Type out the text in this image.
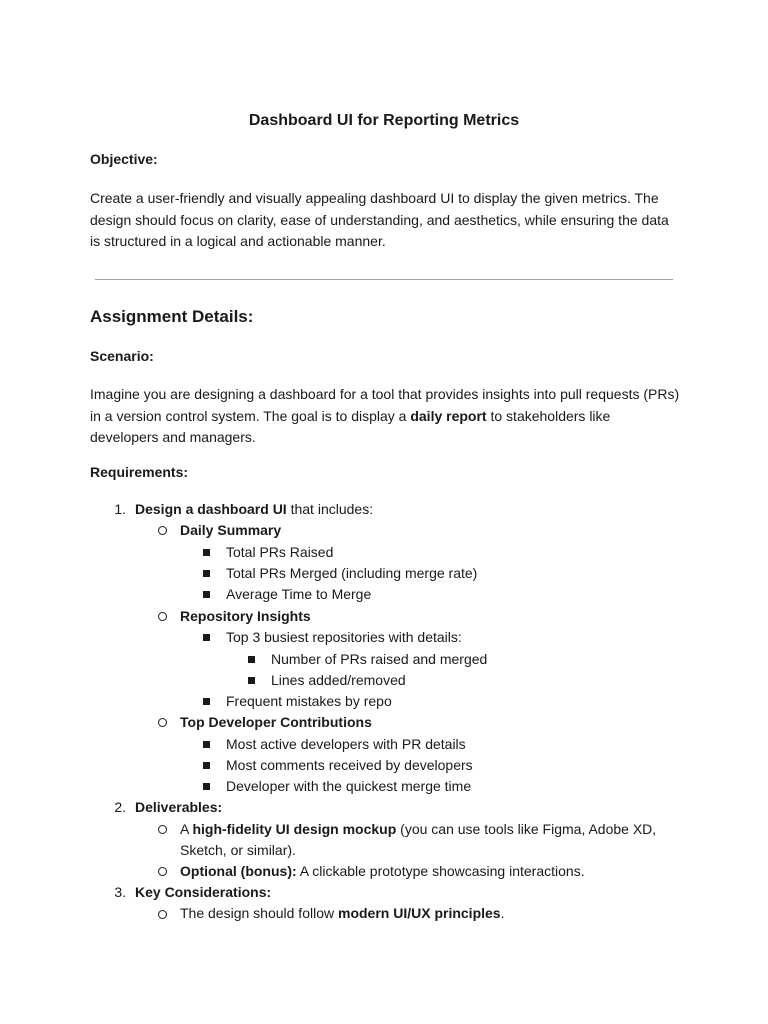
Dashboard UI for Reporting Metrics

Objective:

Create a user-friendly and visually appealing dashboard UI to display the given metrics. The design should focus on clarity, ease of understanding, and aesthetics, while ensuring the data is structured in a logical and actionable manner.

Assignment Details:

Scenario:

Imagine you are designing a dashboard for a tool that provides insights into pull requests (PRs) in a version control system. The goal is to display a daily report to stakeholders like developers and managers.

Requirements:

1. Design a dashboard UI that includes:
Daily Summary
Total PRs Raised
Total PRs Merged (including merge rate)
Average Time to Merge
Repository Insights
Top 3 busiest repositories with details:
Number of PRs raised and merged
Lines added/removed
Frequent mistakes by repo
Top Developer Contributions
Most active developers with PR details
Most comments received by developers
Developer with the quickest merge time
2. Deliverables:
A high-fidelity UI design mockup (you can use tools like Figma, Adobe XD,
Sketch, or similar).
Optional (bonus): A clickable prototype showcasing interactions.
3. Key Considerations:
The design should follow modern UI/UX principles.
